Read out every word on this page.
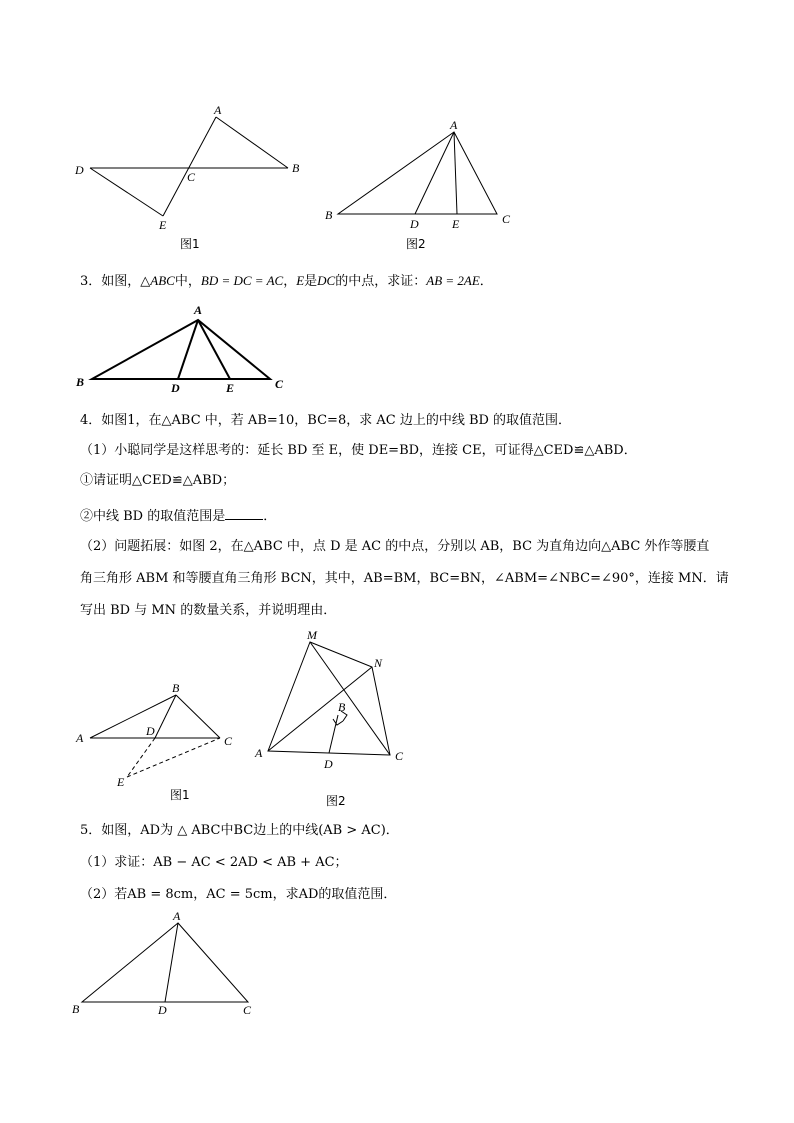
A
B
C
D
E
图1
A
B	C
D	E
图2
3．如图，△ABC中，BD = DC = AC，E是DC的中点，求证：AB = 2AE．
A
B	C
D	E
4．如图1，在△ABC 中，若 AB=10，BC=8，求 AC 边上的中线 BD 的取值范围．
（1）小聪同学是这样思考的：延长 BD 至 E，使 DE=BD，连接 CE，可证得△CED≌△ABD．
①请证明△CED≌△ABD；
②中线 BD 的取值范围是	．
（2）问题拓展：如图 2，在△ABC 中，点 D 是 AC 的中点，分别以 AB，BC 为直角边向△ABC 外作等腰直
角三角形 ABM 和等腰直角三角形 BCN，其中，AB=BM，BC=BN，∠ABM=∠NBC=∠90°，连接 MN．请
写出 BD 与 MN 的数量关系，并说明理由．
B
A	C
D
E
图1
M
N
B
A	C
D
图2
5．如图，AD为 △ ABC中BC边上的中线(AB > AC)．
（1）求证：AB − AC < 2AD < AB + AC；
（2）若AB = 8cm，AC = 5cm，求AD的取值范围．
A
B	C
D
